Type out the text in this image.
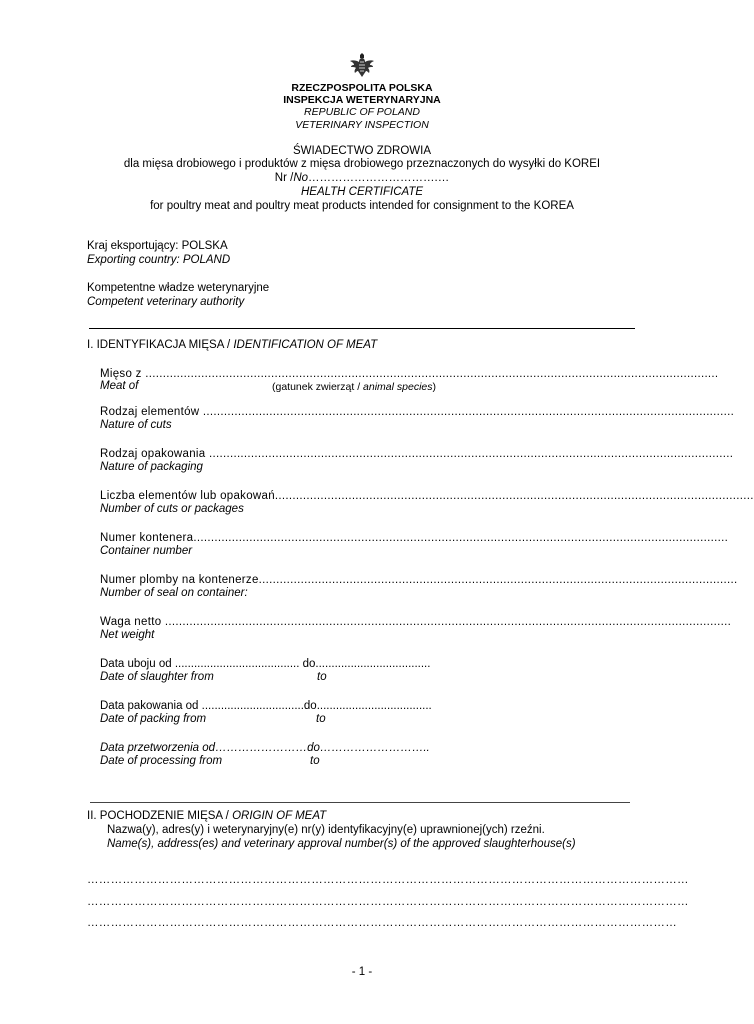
RZECZPOSPOLITA POLSKA
INSPEKCJA WETERYNARYJNA
REPUBLIC OF POLAND
VETERINARY INSPECTION
ŚWIADECTWO ZDROWIA
dla mięsa drobiowego i produktów z mięsa drobiowego przeznaczonych do wysyłki do KOREI
Nr /No…………………………….…
HEALTH CERTIFICATE
for poultry meat and poultry meat products intended for consignment to the KOREA
Kraj eksportujący: POLSKA
Exporting country: POLAND
Kompetentne władze weterynaryjne
Competent veterinary authority
I. IDENTYFIKACJA MIĘSA / IDENTIFICATION OF MEAT
Mięso z ....................................................................................................................................................................
Meat of	(gatunek zwierząt / animal species)
Rodzaj elementów ........................................................................................................................................................
Nature of cuts
Rodzaj opakowania ......................................................................................................................................................
Nature of packaging
Liczba elementów lub opakowań.........................................................................................................................................
Number of cuts or packages
Numer kontenera.........................................................................................................................................................
Container number
Numer plomby na kontenerze.........................................................................................................................................
Number of seal on container:
Waga netto ..................................................................................................................................................................
Net weight
Data uboju od ....................................... do....................................
Date of slaughter from	to
Data pakowania od ................................do....................................
Date of packing from	to
Data przetworzenia od……………………do………………………..
Date of processing from	to
II. POCHODZENIE MIĘSA / ORIGIN OF MEAT
Nazwa(y), adres(y) i weterynaryjny(e) nr(y) identyfikacyjny(e) uprawnionej(ych) rzeźni.
Name(s), address(es) and veterinary approval number(s) of the approved slaughterhouse(s)
………………………………………………………………………………………………………………………………………
………………………………………………………………………………………………………………………………………
……………………………………………………………………………………………………………………………………
- 1 -
